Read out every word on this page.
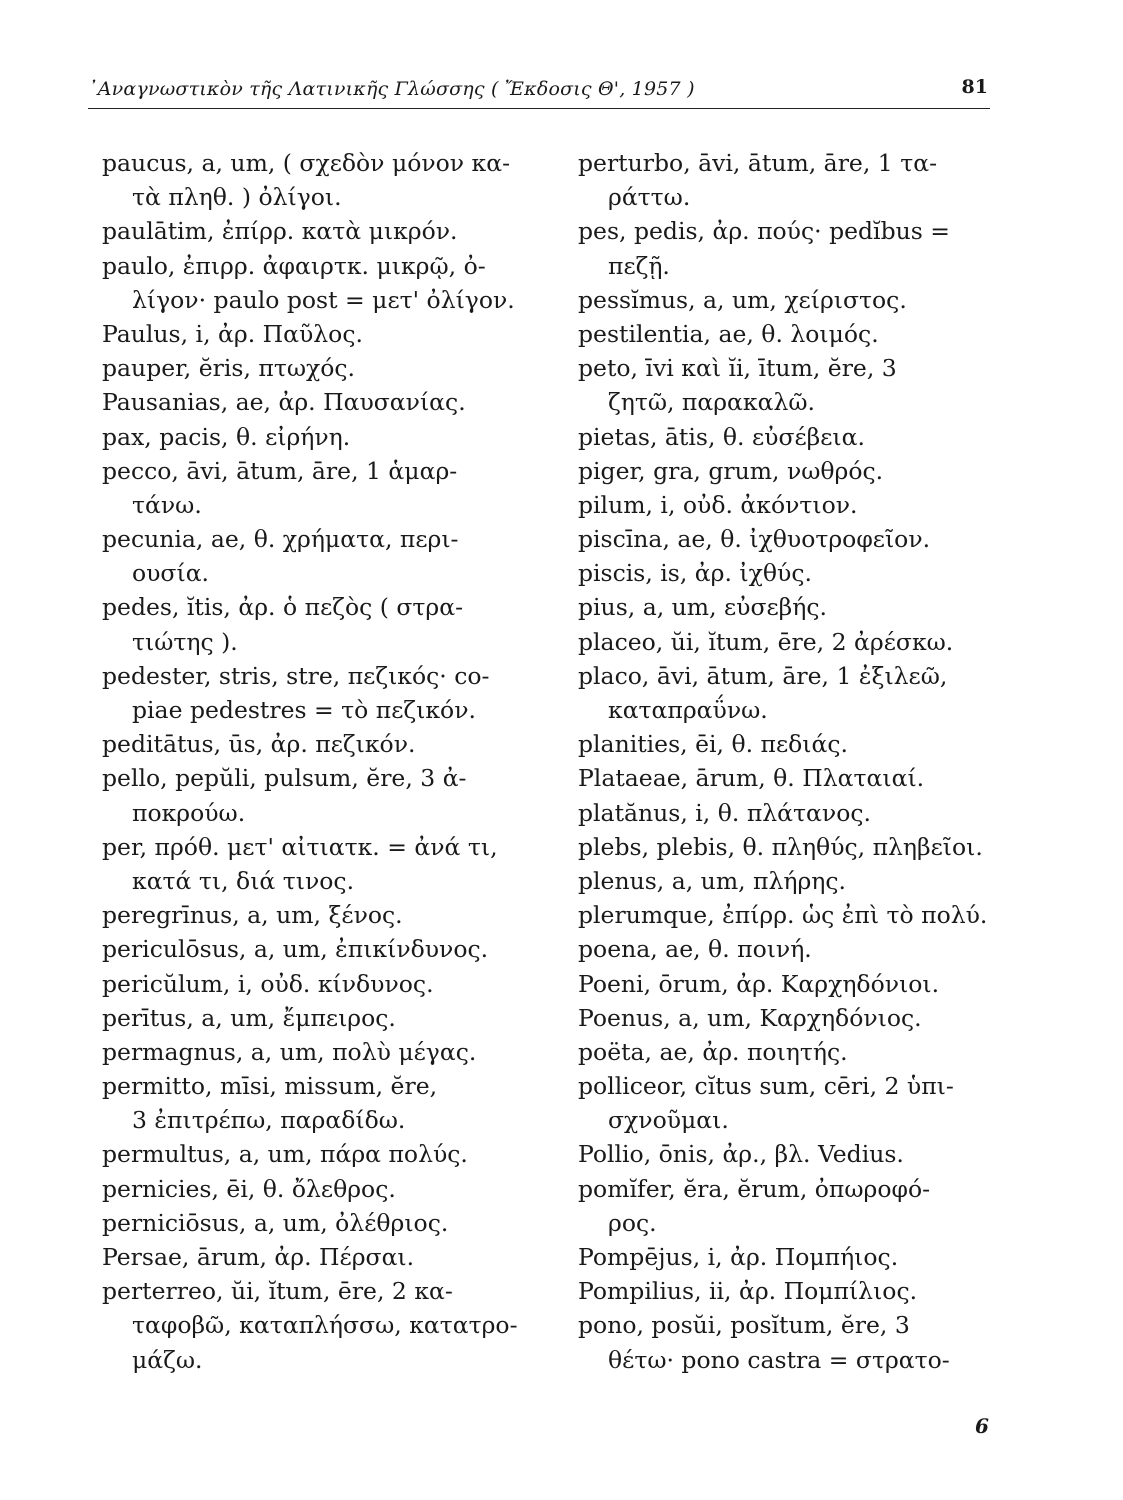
᾿Αναγνωστικὸν τῆς Λατινικῆς Γλώσσης ( Ἔκδοσις Θ', 1957 )	81
paucus, a, um, ( σχεδὸν μόνον κα-
τὰ πληθ. ) ὀλίγοι.
paulātim, ἐπίρρ. κατὰ μικρόν.
paulo, ἐπιρρ. ἀφαιρτκ. μικρῷ, ὀ-
λίγον· paulo post = μετ' ὀλίγον.
Paulus, i, ἀρ. Παῦλος.
pauper, ĕris, πτωχός.
Pausanias, ae, ἀρ. Παυσανίας.
pax, pacis, θ. εἰρήνη.
pecco, āvi, ātum, āre, 1 ἁμαρ-
τάνω.
pecunia, ae, θ. χρήματα, περι-
ουσία.
pedes, ĭtis, ἀρ. ὁ πεζὸς ( στρα-
τιώτης ).
pedester, stris, stre, πεζικός· co-
piae pedestres = τὸ πεζικόν.
peditātus, ūs, ἀρ. πεζικόν.
pello, pepŭli, pulsum, ĕre, 3 ἀ-
ποκρούω.
per, πρόθ. μετ' αἰτιατκ. = ἀνά τι,
κατά τι, διά τινος.
peregrīnus, a, um, ξένος.
periculōsus, a, um, ἐπικίνδυνος.
pericŭlum, i, οὐδ. κίνδυνος.
perītus, a, um, ἔμπειρος.
permagnus, a, um, πολὺ μέγας.
permitto, mīsi, missum, ĕre,
3 ἐπιτρέπω, παραδίδω.
permultus, a, um, πάρα πολύς.
pernicies, ēi, θ. ὄλεθρος.
perniciōsus, a, um, ὀλέθριος.
Persae, ārum, ἀρ. Πέρσαι.
perterreo, ŭi, ĭtum, ēre, 2 κα-
ταφοβῶ, καταπλήσσω, κατατρο-
μάζω.
perturbo, āvi, ātum, āre, 1 τα-
ράττω.
pes, pedis, ἀρ. πούς· pedĭbus =
πεζῇ.
pessĭmus, a, um, χείριστος.
pestilentia, ae, θ. λοιμός.
peto, īvi καὶ ĭi, ītum, ĕre, 3
ζητῶ, παρακαλῶ.
pietas, ātis, θ. εὐσέβεια.
piger, gra, grum, νωθρός.
pilum, i, οὐδ. ἀκόντιον.
piscīna, ae, θ. ἰχθυοτροφεῖον.
piscis, is, ἀρ. ἰχθύς.
pius, a, um, εὐσεβής.
placeo, ŭi, ĭtum, ēre, 2 ἀρέσκω.
placo, āvi, ātum, āre, 1 ἐξιλεῶ,
καταπραΰνω.
planities, ēi, θ. πεδιάς.
Plataeae, ārum, θ. Πλαταιαί.
platănus, i, θ. πλάτανος.
plebs, plebis, θ. πληθύς, πληβεῖοι.
plenus, a, um, πλήρης.
plerumque, ἐπίρρ. ὡς ἐπὶ τὸ πολύ.
poena, ae, θ. ποινή.
Poeni, ōrum, ἀρ. Καρχηδόνιοι.
Poenus, a, um, Καρχηδόνιος.
poëta, ae, ἀρ. ποιητής.
polliceor, cĭtus sum, cēri, 2 ὑπι-
σχνοῦμαι.
Pollio, ōnis, ἀρ., βλ. Vedius.
pomĭfer, ĕra, ĕrum, ὀπωροφό-
ρος.
Pompējus, i, ἀρ. Πομπήιος.
Pompilius, ii, ἀρ. Πομπίλιος.
pono, posŭi, posĭtum, ĕre, 3
θέτω· pono castra = στρατο-
6
